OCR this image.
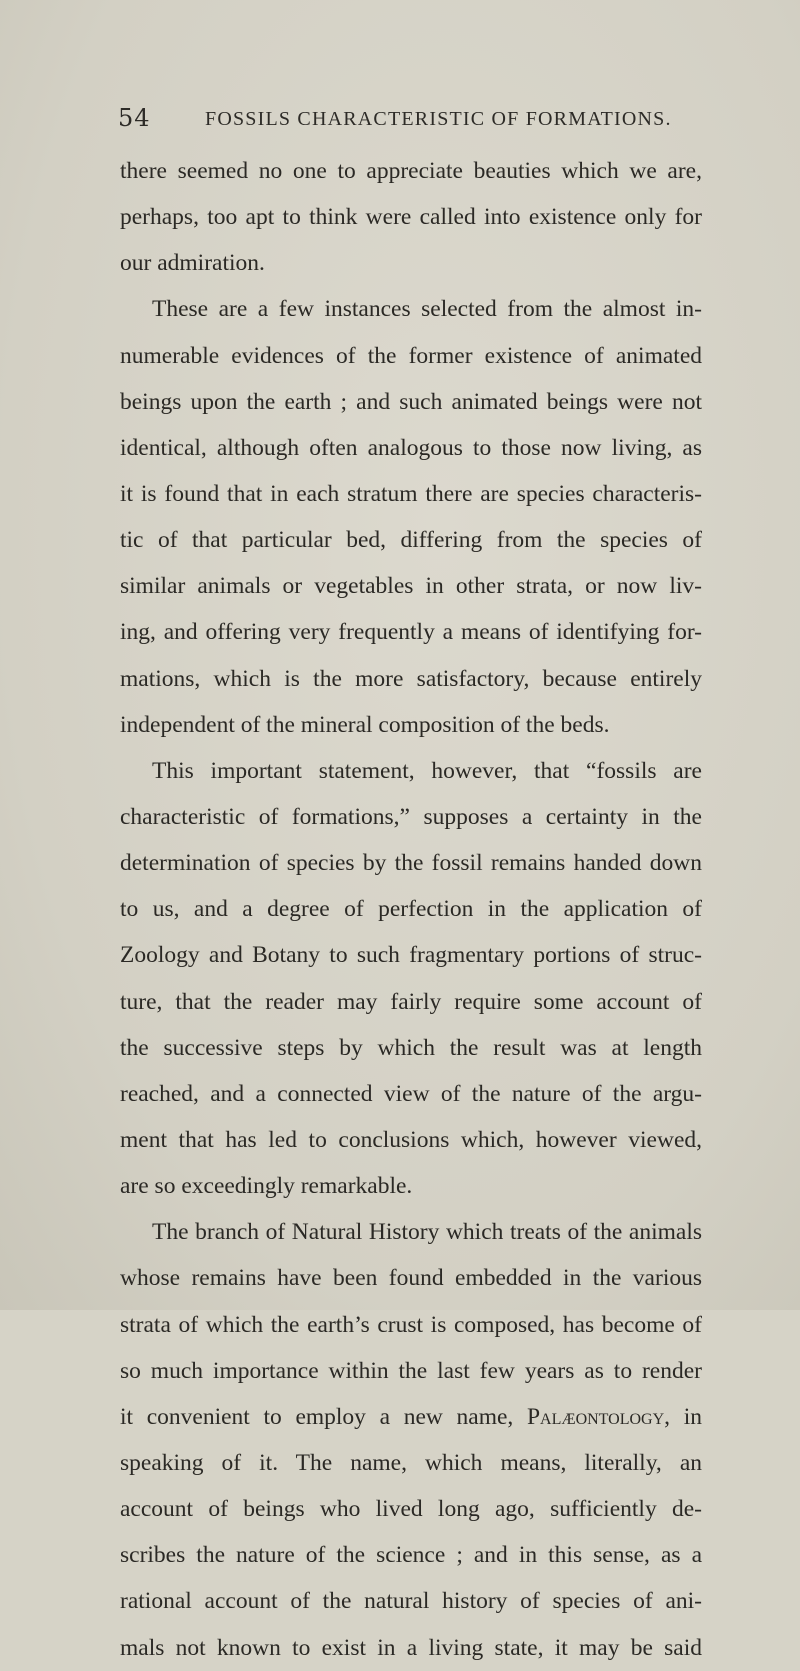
54	FOSSILS CHARACTERISTIC OF FORMATIONS.
there seemed no one to appreciate beauties which we are,
perhaps, too apt to think were called into existence only for
our admiration.
These are a few instances selected from the almost in-
numerable evidences of the former existence of animated
beings upon the earth ; and such animated beings were not
identical, although often analogous to those now living, as
it is found that in each stratum there are species characteris-
tic of that particular bed, differing from the species of
similar animals or vegetables in other strata, or now liv-
ing, and offering very frequently a means of identifying for-
mations, which is the more satisfactory, because entirely
independent of the mineral composition of the beds.
This important statement, however, that “fossils are
characteristic of formations,” supposes a certainty in the
determination of species by the fossil remains handed down
to us, and a degree of perfection in the application of
Zoology and Botany to such fragmentary portions of struc-
ture, that the reader may fairly require some account of
the successive steps by which the result was at length
reached, and a connected view of the nature of the argu-
ment that has led to conclusions which, however viewed,
are so exceedingly remarkable.
The branch of Natural History which treats of the animals
whose remains have been found embedded in the various
strata of which the earth’s crust is composed, has become of
so much importance within the last few years as to render
it convenient to employ a new name, Palæontology, in
speaking of it. The name, which means, literally, an
account of beings who lived long ago, sufficiently de-
scribes the nature of the science ; and in this sense, as a
rational account of the natural history of species of ani-
mals not known to exist in a living state, it may be said
